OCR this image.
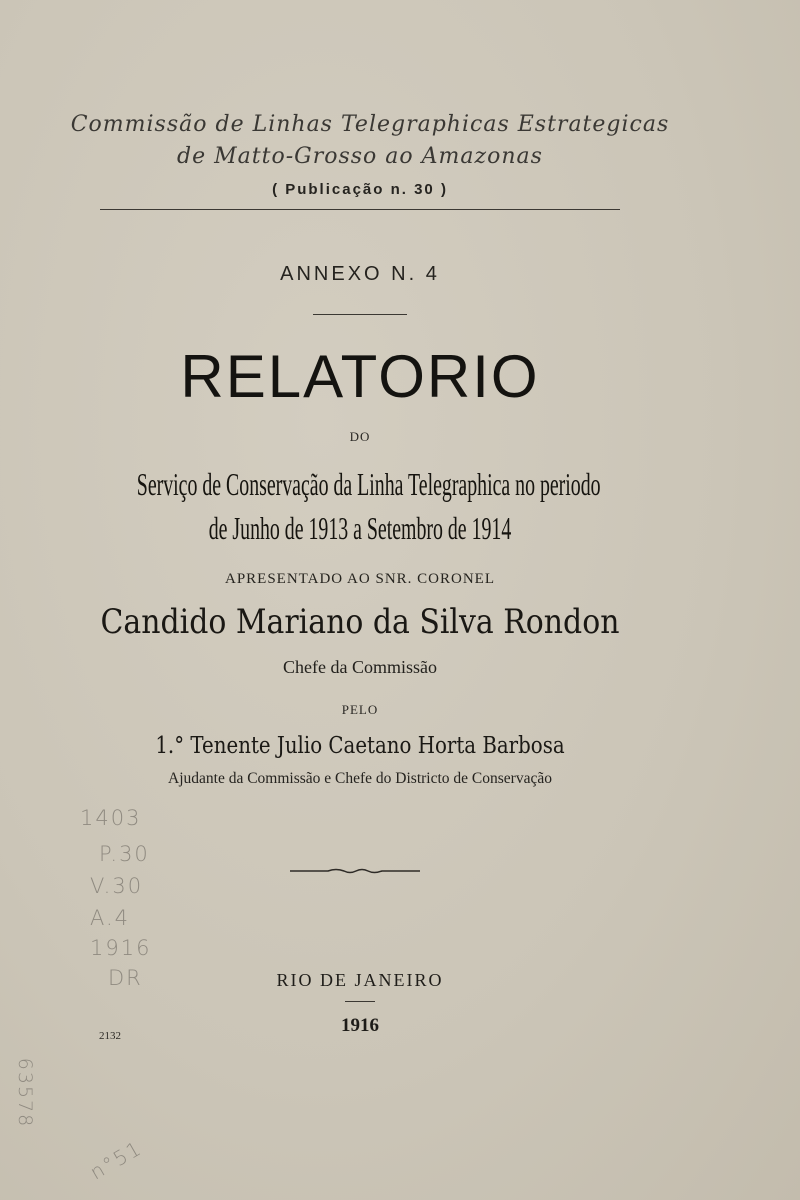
Commissão de Linhas Telegraphicas Estrategicas
de Matto-Grosso ao Amazonas
( Publicação n. 30 )
ANNEXO N. 4
RELATORIO
DO
Serviço de Conservação da Linha Telegraphica no periodo
de Junho de 1913 a Setembro de 1914
APRESENTADO AO SNR. CORONEL
Candido Mariano da Silva Rondon
Chefe da Commissão
PELO
1.° Tenente Julio Caetano Horta Barbosa
Ajudante da Commissão e Chefe do Districto de Conservação
RIO DE JANEIRO
1916
2132
1403
P.30
V.30
A.4
1916
DR
63578
n°51
